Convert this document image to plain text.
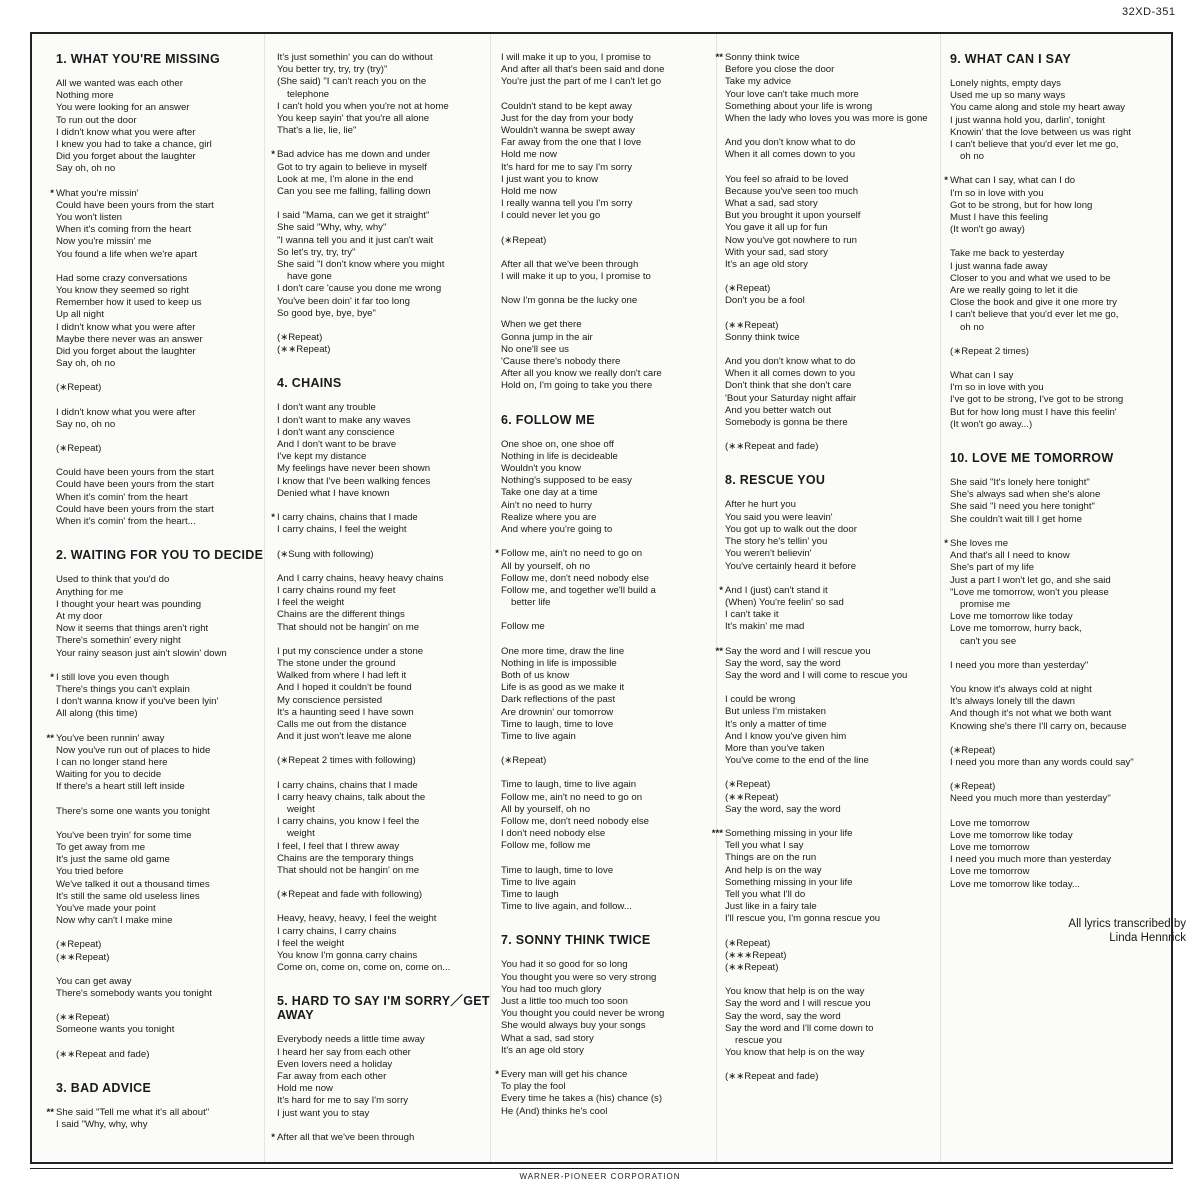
1. WHAT YOU'RE MISSING
All we wanted was each other
Nothing more
You were looking for an answer
To run out the door
I didn't know what you were after
I knew you had to take a chance, girl
Did you forget about the laughter
Say oh, oh no
* What you're missin'
Could have been yours from the start
You won't listen
When it's coming from the heart
Now you're missin' me
You found a life when we're apart
Had some crazy conversations
You know they seemed so right
Remember how it used to keep us
Up all night
I didn't know what you were after
Maybe there never was an answer
Did you forget about the laughter
Say oh, oh no
(∗Repeat)
I didn't know what you were after
Say no, oh no
(∗Repeat)
Could have been yours from the start
Could have been yours from the start
When it's comin' from the heart
Could have been yours from the start
When it's comin' from the heart...
2. WAITING FOR YOU TO DECIDE
Used to think that you'd do
Anything for me
I thought your heart was pounding
At my door
Now it seems that things aren't right
There's somethin' every night
Your rainy season just ain't slowin' down
* I still love you even though
There's things you can't explain
I don't wanna know if you've been lyin'
All along (this time)
** You've been runnin' away
Now you've run out of places to hide
I can no longer stand here
Waiting for you to decide
If there's a heart still left inside
There's some one wants you tonight
You've been tryin' for some time
To get away from me
It's just the same old game
You tried before
We've talked it out a thousand times
It's still the same old useless lines
You've made your point
Now why can't I make mine
(∗Repeat)
(∗∗Repeat)
You can get away
There's somebody wants you tonight
(∗∗Repeat)
Someone wants you tonight
(∗∗Repeat and fade)
3. BAD ADVICE
** She said "Tell me what it's all about"
I said "Why, why, why
It's just somethin' you can do without
You better try, try, try (try)"
(She said) "I can't reach you on the
telephone
I can't hold you when you're not at home
You keep sayin' that you're all alone
That's a lie, lie, lie"
* Bad advice has me down and under
Got to try again to believe in myself
Look at me, I'm alone in the end
Can you see me falling, falling down
I said "Mama, can we get it straight"
She said "Why, why, why"
"I wanna tell you and it just can't wait
So let's try, try, try"
She said "I don't know where you might
have gone
I don't care 'cause you done me wrong
You've been doin' it far too long
So good bye, bye, bye"
(∗Repeat)
(∗∗Repeat)
4. CHAINS
I don't want any trouble
I don't want to make any waves
I don't want any conscience
And I don't want to be brave
I've kept my distance
My feelings have never been shown
I know that I've been walking fences
Denied what I have known
* I carry chains, chains that I made
I carry chains, I feel the weight
(∗Sung with following)
And I carry chains, heavy heavy chains
I carry chains round my feet
I feel the weight
Chains are the different things
That should not be hangin' on me
I put my conscience under a stone
The stone under the ground
Walked from where I had left it
And I hoped it couldn't be found
My conscience persisted
It's a haunting seed I have sown
Calls me out from the distance
And it just won't leave me alone
(∗Repeat 2 times with following)
I carry chains, chains that I made
I carry heavy chains, talk about the
weight
I carry chains, you know I feel the
weight
I feel, I feel that I threw away
Chains are the temporary things
That should not be hangin' on me
(∗Repeat and fade with following)
Heavy, heavy, heavy, I feel the weight
I carry chains, I carry chains
I feel the weight
You know I'm gonna carry chains
Come on, come on, come on, come on...
5. HARD TO SAY I'M SORRY／GET AWAY
Everybody needs a little time away
I heard her say from each other
Even lovers need a holiday
Far away from each other
Hold me now
It's hard for me to say I'm sorry
I just want you to stay
* After all that we've been through
I will make it up to you, I promise to
And after all that's been said and done
You're just the part of me I can't let go
Couldn't stand to be kept away
Just for the day from your body
Wouldn't wanna be swept away
Far away from the one that I love
Hold me now
It's hard for me to say I'm sorry
I just want you to know
Hold me now
I really wanna tell you I'm sorry
I could never let you go
(∗Repeat)
After all that we've been through
I will make it up to you, I promise to
Now I'm gonna be the lucky one
When we get there
Gonna jump in the air
No one'll see us
'Cause there's nobody there
After all you know we really don't care
Hold on, I'm going to take you there
6. FOLLOW ME
One shoe on, one shoe off
Nothing in life is decideable
Wouldn't you know
Nothing's supposed to be easy
Take one day at a time
Ain't no need to hurry
Realize where you are
And where you're going to
* Follow me, ain't no need to go on
All by yourself, oh no
Follow me, don't need nobody else
Follow me, and together we'll build a
better life
Follow me
One more time, draw the line
Nothing in life is impossible
Both of us know
Life is as good as we make it
Dark reflections of the past
Are drownin' our tomorrow
Time to laugh, time to love
Time to live again
(∗Repeat)
Time to laugh, time to live again
Follow me, ain't no need to go on
All by yourself, oh no
Follow me, don't need nobody else
I don't need nobody else
Follow me, follow me
Time to laugh, time to love
Time to live again
Time to laugh
Time to live again, and follow...
7. SONNY THINK TWICE
You had it so good for so long
You thought you were so very strong
You had too much glory
Just a little too much too soon
You thought you could never be wrong
She would always buy your songs
What a sad, sad story
It's an age old story
* Every man will get his chance
To play the fool
Every time he takes a (his) chance (s)
He (And) thinks he's cool
** Sonny think twice
Before you close the door
Take my advice
Your love can't take much more
Something about your life is wrong
When the lady who loves you was more is gone
And you don't know what to do
When it all comes down to you
You feel so afraid to be loved
Because you've seen too much
What a sad, sad story
But you brought it upon yourself
You gave it all up for fun
Now you've got nowhere to run
With your sad, sad story
It's an age old story
(∗Repeat)
Don't you be a fool
(∗∗Repeat)
Sonny think twice
And you don't know what to do
When it all comes down to you
Don't think that she don't care
'Bout your Saturday night affair
And you better watch out
Somebody is gonna be there
(∗∗Repeat and fade)
8. RESCUE YOU
After he hurt you
You said you were leavin'
You got up to walk out the door
The story he's tellin' you
You weren't believin'
You've certainly heard it before
* And I (just) can't stand it
(When) You're feelin' so sad
I can't take it
It's makin' me mad
** Say the word and I will rescue you
Say the word, say the word
Say the word and I will come to rescue you
I could be wrong
But unless I'm mistaken
It's only a matter of time
And I know you've given him
More than you've taken
You've come to the end of the line
(∗Repeat)
(∗∗Repeat)
Say the word, say the word
*** Something missing in your life
Tell you what I say
Things are on the run
And help is on the way
Something missing in your life
Tell you what I'll do
Just like in a fairy tale
I'll rescue you, I'm gonna rescue you
(∗Repeat)
(∗∗∗Repeat)
(∗∗Repeat)
You know that help is on the way
Say the word and I will rescue you
Say the word, say the word
Say the word and I'll come down to
rescue you
You know that help is on the way
(∗∗Repeat and fade)
9. WHAT CAN I SAY
Lonely nights, empty days
Used me up so many ways
You came along and stole my heart away
I just wanna hold you, darlin', tonight
Knowin' that the love between us was right
I can't believe that you'd ever let me go,
oh no
* What can I say, what can I do
I'm so in love with you
Got to be strong, but for how long
Must I have this feeling
(It won't go away)
Take me back to yesterday
I just wanna fade away
Closer to you and what we used to be
Are we really going to let it die
Close the book and give it one more try
I can't believe that you'd ever let me go,
oh no
(∗Repeat 2 times)
What can I say
I'm so in love with you
I've got to be strong, I've got to be strong
But for how long must I have this feelin'
(It won't go away...)
10. LOVE ME TOMORROW
She said "It's lonely here tonight"
She's always sad when she's alone
She said "I need you here tonight"
She couldn't wait till I get home
* She loves me
And that's all I need to know
She's part of my life
Just a part I won't let go, and she said
"Love me tomorrow, won't you please
promise me
Love me tomorrow like today
Love me tomorrow, hurry back,
can't you see
I need you more than yesterday"
You know it's always cold at night
It's always lonely till the dawn
And though it's not what we both want
Knowing she's there I'll carry on, because
(∗Repeat)
I need you more than any words could say"
(∗Repeat)
Need you much more than yesterday"
Love me tomorrow
Love me tomorrow like today
Love me tomorrow
I need you much more than yesterday
Love me tomorrow
Love me tomorrow like today...
All lyrics transcribed by
Linda Hennrick
32XD-351
WARNER-PIONEER CORPORATION
